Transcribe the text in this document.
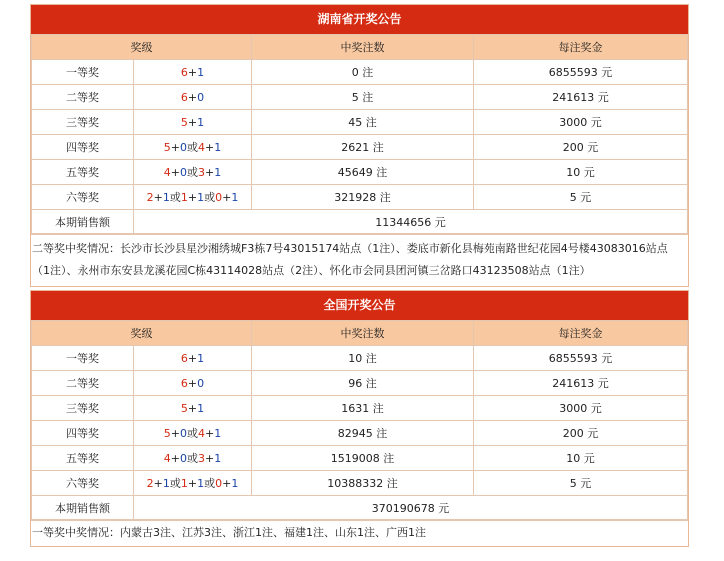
湖南省开奖公告
奖级		中奖注数	每注奖金
一等奖	6+1	0 注	6855593 元
二等奖	6+0	5 注	241613 元
三等奖	5+1	45 注	3000 元
四等奖	5+0或4+1	2621 注	200 元
五等奖	4+0或3+1	45649 注	10 元
六等奖	2+1或1+1或0+1	321928 注	5 元
本期销售额	11344656 元		
二等奖中奖情况：长沙市长沙县星沙湘绣城F3栋7号43015174站点（1注）、娄底市新化县梅苑南路世纪花园4号楼43083016站点（1注）、永州市东安县龙溪花园C栋43114028站点（2注）、怀化市会同县团河镇三岔路口43123508站点（1注）
全国开奖公告
奖级		中奖注数	每注奖金
一等奖	6+1	10 注	6855593 元
二等奖	6+0	96 注	241613 元
三等奖	5+1	1631 注	3000 元
四等奖	5+0或4+1	82945 注	200 元
五等奖	4+0或3+1	1519008 注	10 元
六等奖	2+1或1+1或0+1	10388332 注	5 元
本期销售额	370190678 元		
一等奖中奖情况：内蒙古3注、江苏3注、浙江1注、福建1注、山东1注、广西1注
